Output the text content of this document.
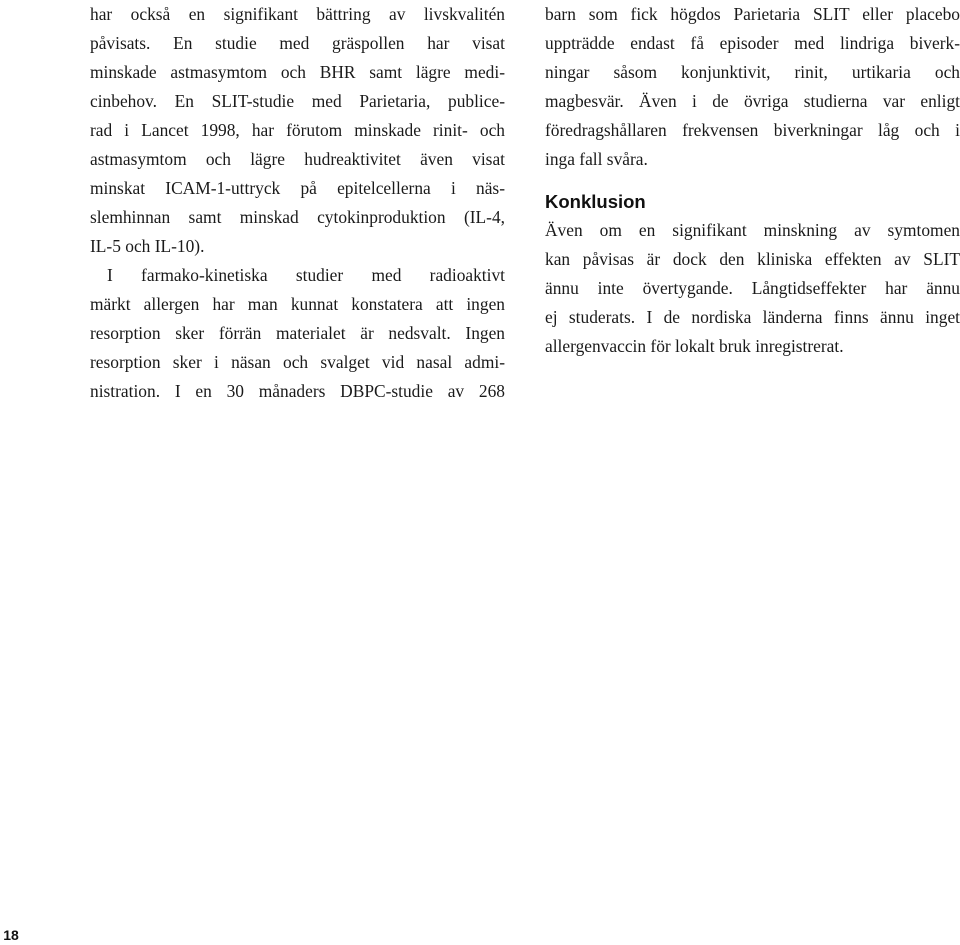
har också en signifikant bättring av livskvalitén
påvisats. En studie med gräspollen har visat
minskade astmasymtom och BHR samt lägre medi-
cinbehov. En SLIT-studie med Parietaria, publice-
rad i Lancet 1998, har förutom minskade rinit- och
astmasymtom och lägre hudreaktivitet även visat
minskat ICAM-1-uttryck på epitelcellerna i näs-
slemhinnan samt minskad cytokinproduktion (IL-4,
IL-5 och IL-10).
I farmako-kinetiska studier med radioaktivt
märkt allergen har man kunnat konstatera att ingen
resorption sker förrän materialet är nedsvalt. Ingen
resorption sker i näsan och svalget vid nasal admi-
nistration. I en 30 månaders DBPC-studie av 268
barn som fick högdos Parietaria SLIT eller placebo
uppträdde endast få episoder med lindriga biverk-
ningar såsom konjunktivit, rinit, urtikaria och
magbesvär. Även i de övriga studierna var enligt
föredragshållaren frekvensen biverkningar låg och i
inga fall svåra.
Konklusion
Även om en signifikant minskning av symtomen
kan påvisas är dock den kliniska effekten av SLIT
ännu inte övertygande. Långtidseffekter har ännu
ej studerats. I de nordiska länderna finns ännu inget
allergenvaccin för lokalt bruk inregistrerat.
18
